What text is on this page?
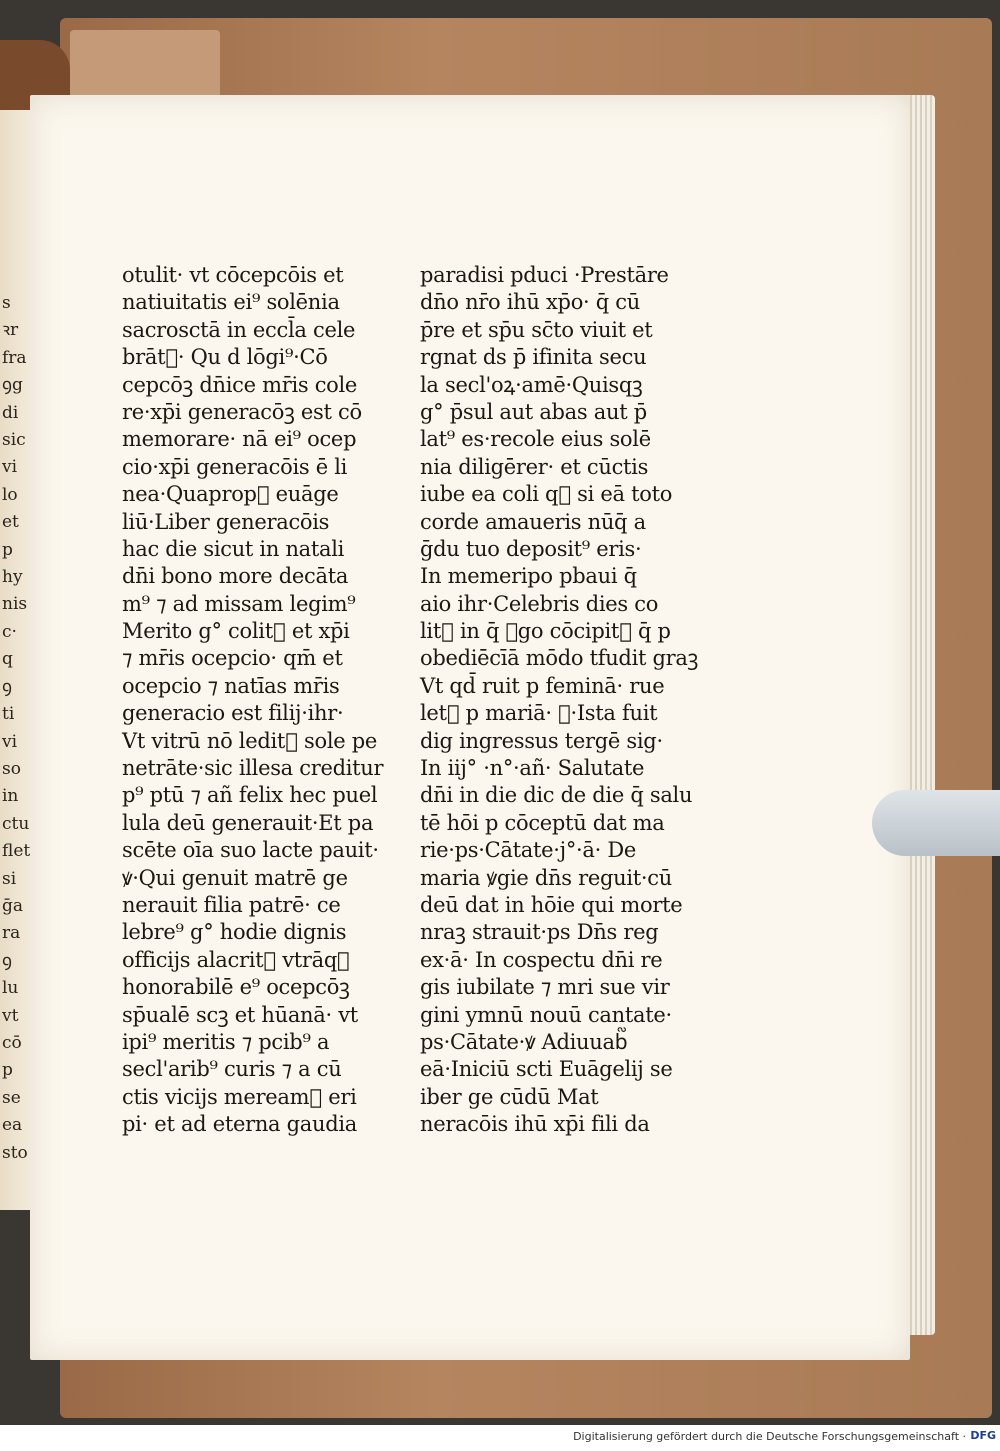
s
ꝛr
fra
ꝯg
di
sic
vi
lo
et
p
hy
nis
c·
q
ꝯ
ti
vi
so
in
ctu
flet
si
ḡa
ra
ꝯ
lu
vt
cō
p
se
ea
sto
otulit· vt cōcepcōis et
natiuitatis ei⁹ solēnia
sacrosctā in eccl̄a cele
brāt᷑· Qu d lōgi⁹·Cō
cepcōꝫ dn̄ice mr̄is cole
re·xp̄i generacōꝫ est cō
memorare· nā ei⁹ ocep
cio·xp̄i generacōis ē li
nea·Quaprop᷑ euāge
liū·Liber generacōis
hac die sicut in natali
dn̄i bono more decāta
m⁹ ⁊ ad missam legim⁹
Merito g° colit᷑ et xp̄i
⁊ mr̄is ocepcio· qm̄ et
ocepcio ⁊ natīas mr̄is
generacio est filij·ihr·
Vt vitrū nō ledit᷑ sole pe
netrāte·sic illesa creditur
p⁹ ptū ⁊ añ felix hec puel
lula deū generauit·Et pa
scēte oīa suo lacte pauit·
ꝟ·Qui genuit matrē ge
nerauit filia patrē· ce
lebre⁹ g° hodie dignis
officijs alacrit᷑ vtrāqꝫ
honorabilē e⁹ ocepcōꝫ
sp̄ualē scꝫ et hūanā· vt
ipi⁹ meritis ⁊ pcib⁹ a
secl'arib⁹ curis ⁊ a cū
ctis vicijs meream᷑ eri
pi· et ad eterna gaudia
paradisi pduci ·Prestāre
dn̄o nr̄o ihū xp̄o· q̄ cū
p̄re et sp̄u sc̄to viuit et
rgnat ds p̄ ifinita secu
la secl'oꝝ·amē·Quisqꝫ
g° p̄sul aut abas aut p̄
lat⁹ es·recole eius solē
nia diligērer· et cūctis
iube ea coli q᷑ si eā toto
corde amaueris nūq̄ a
ḡdu tuo deposit⁹ eris·
In memeripo pbaui q̄
aio ihr·Celebris dies co
lit᷑ in q̄ ꝟgo cōcipit᷑ q̄ p
obediēcīā mōdo tfudit graꝫ
Vt qd̄ ruit p feminā· rue
let᷑ p mariā· ꝟ·Ista fuit
dig ingressus tergē sig·
In iij° ·n°·añ· Salutate
dn̄i in die dic de die q̄ salu
tē hōi p cōceptū dat ma
rie·ps·Cātate·j°·ā· De
maria ꝟgie dn̄s reguit·cū
deū dat in hōie qui morte
nraꝫ strauit·ps Dn̄s reg
ex·ā· In cospectu dn̄i re
gis iubilate ⁊ mri sue vir
gini ymnū nouū cantate·
ps·Cātate·ꝟ Adiuuab᷑
eā·Iniciū scti Euāgelij se
iber ge cūdū Mat
neracōis ihū xp̄i fili da
Digitalisierung gefördert durch die Deutsche Forschungsgemeinschaft · DFG
